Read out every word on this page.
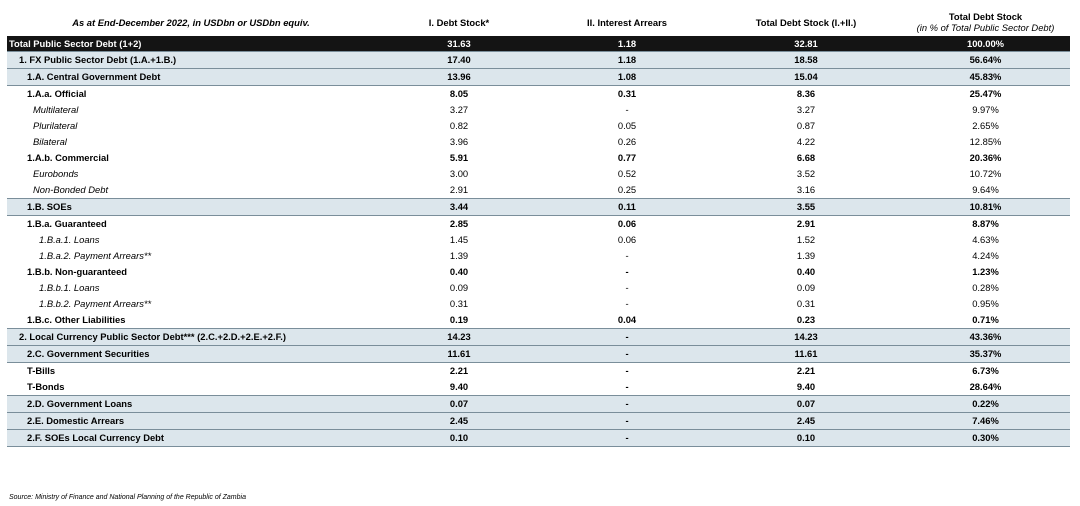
As at End-December 2022, in USDbn or USDbn equiv.	I. Debt Stock*	II. Interest Arrears	Total Debt Stock (I.+II.)	Total Debt Stock
(in % of Total Public Sector Debt)

Total Public Sector Debt (1+2)	31.63	1.18	32.81	100.00%
1. FX Public Sector Debt (1.A.+1.B.)	17.40	1.18	18.58	56.64%
1.A. Central Government Debt	13.96	1.08	15.04	45.83%
1.A.a. Official	8.05	0.31	8.36	25.47%
Multilateral	3.27	-	3.27	9.97%
Plurilateral	0.82	0.05	0.87	2.65%
Bilateral	3.96	0.26	4.22	12.85%
1.A.b. Commercial	5.91	0.77	6.68	20.36%
Eurobonds	3.00	0.52	3.52	10.72%
Non-Bonded Debt	2.91	0.25	3.16	9.64%
1.B. SOEs	3.44	0.11	3.55	10.81%
1.B.a. Guaranteed	2.85	0.06	2.91	8.87%
1.B.a.1. Loans	1.45	0.06	1.52	4.63%
1.B.a.2. Payment Arrears**	1.39	-	1.39	4.24%
1.B.b. Non-guaranteed	0.40	-	0.40	1.23%
1.B.b.1. Loans	0.09	-	0.09	0.28%
1.B.b.2. Payment Arrears**	0.31	-	0.31	0.95%
1.B.c. Other Liabilities	0.19	0.04	0.23	0.71%
2. Local Currency Public Sector Debt*** (2.C.+2.D.+2.E.+2.F.)	14.23	-	14.23	43.36%
2.C. Government Securities	11.61	-	11.61	35.37%
T-Bills	2.21	-	2.21	6.73%
T-Bonds	9.40	-	9.40	28.64%
2.D. Government Loans	0.07	-	0.07	0.22%
2.E. Domestic Arrears	2.45	-	2.45	7.46%
2.F. SOEs Local Currency Debt	0.10	-	0.10	0.30%
Source: Ministry of Finance and National Planning of the Republic of Zambia
